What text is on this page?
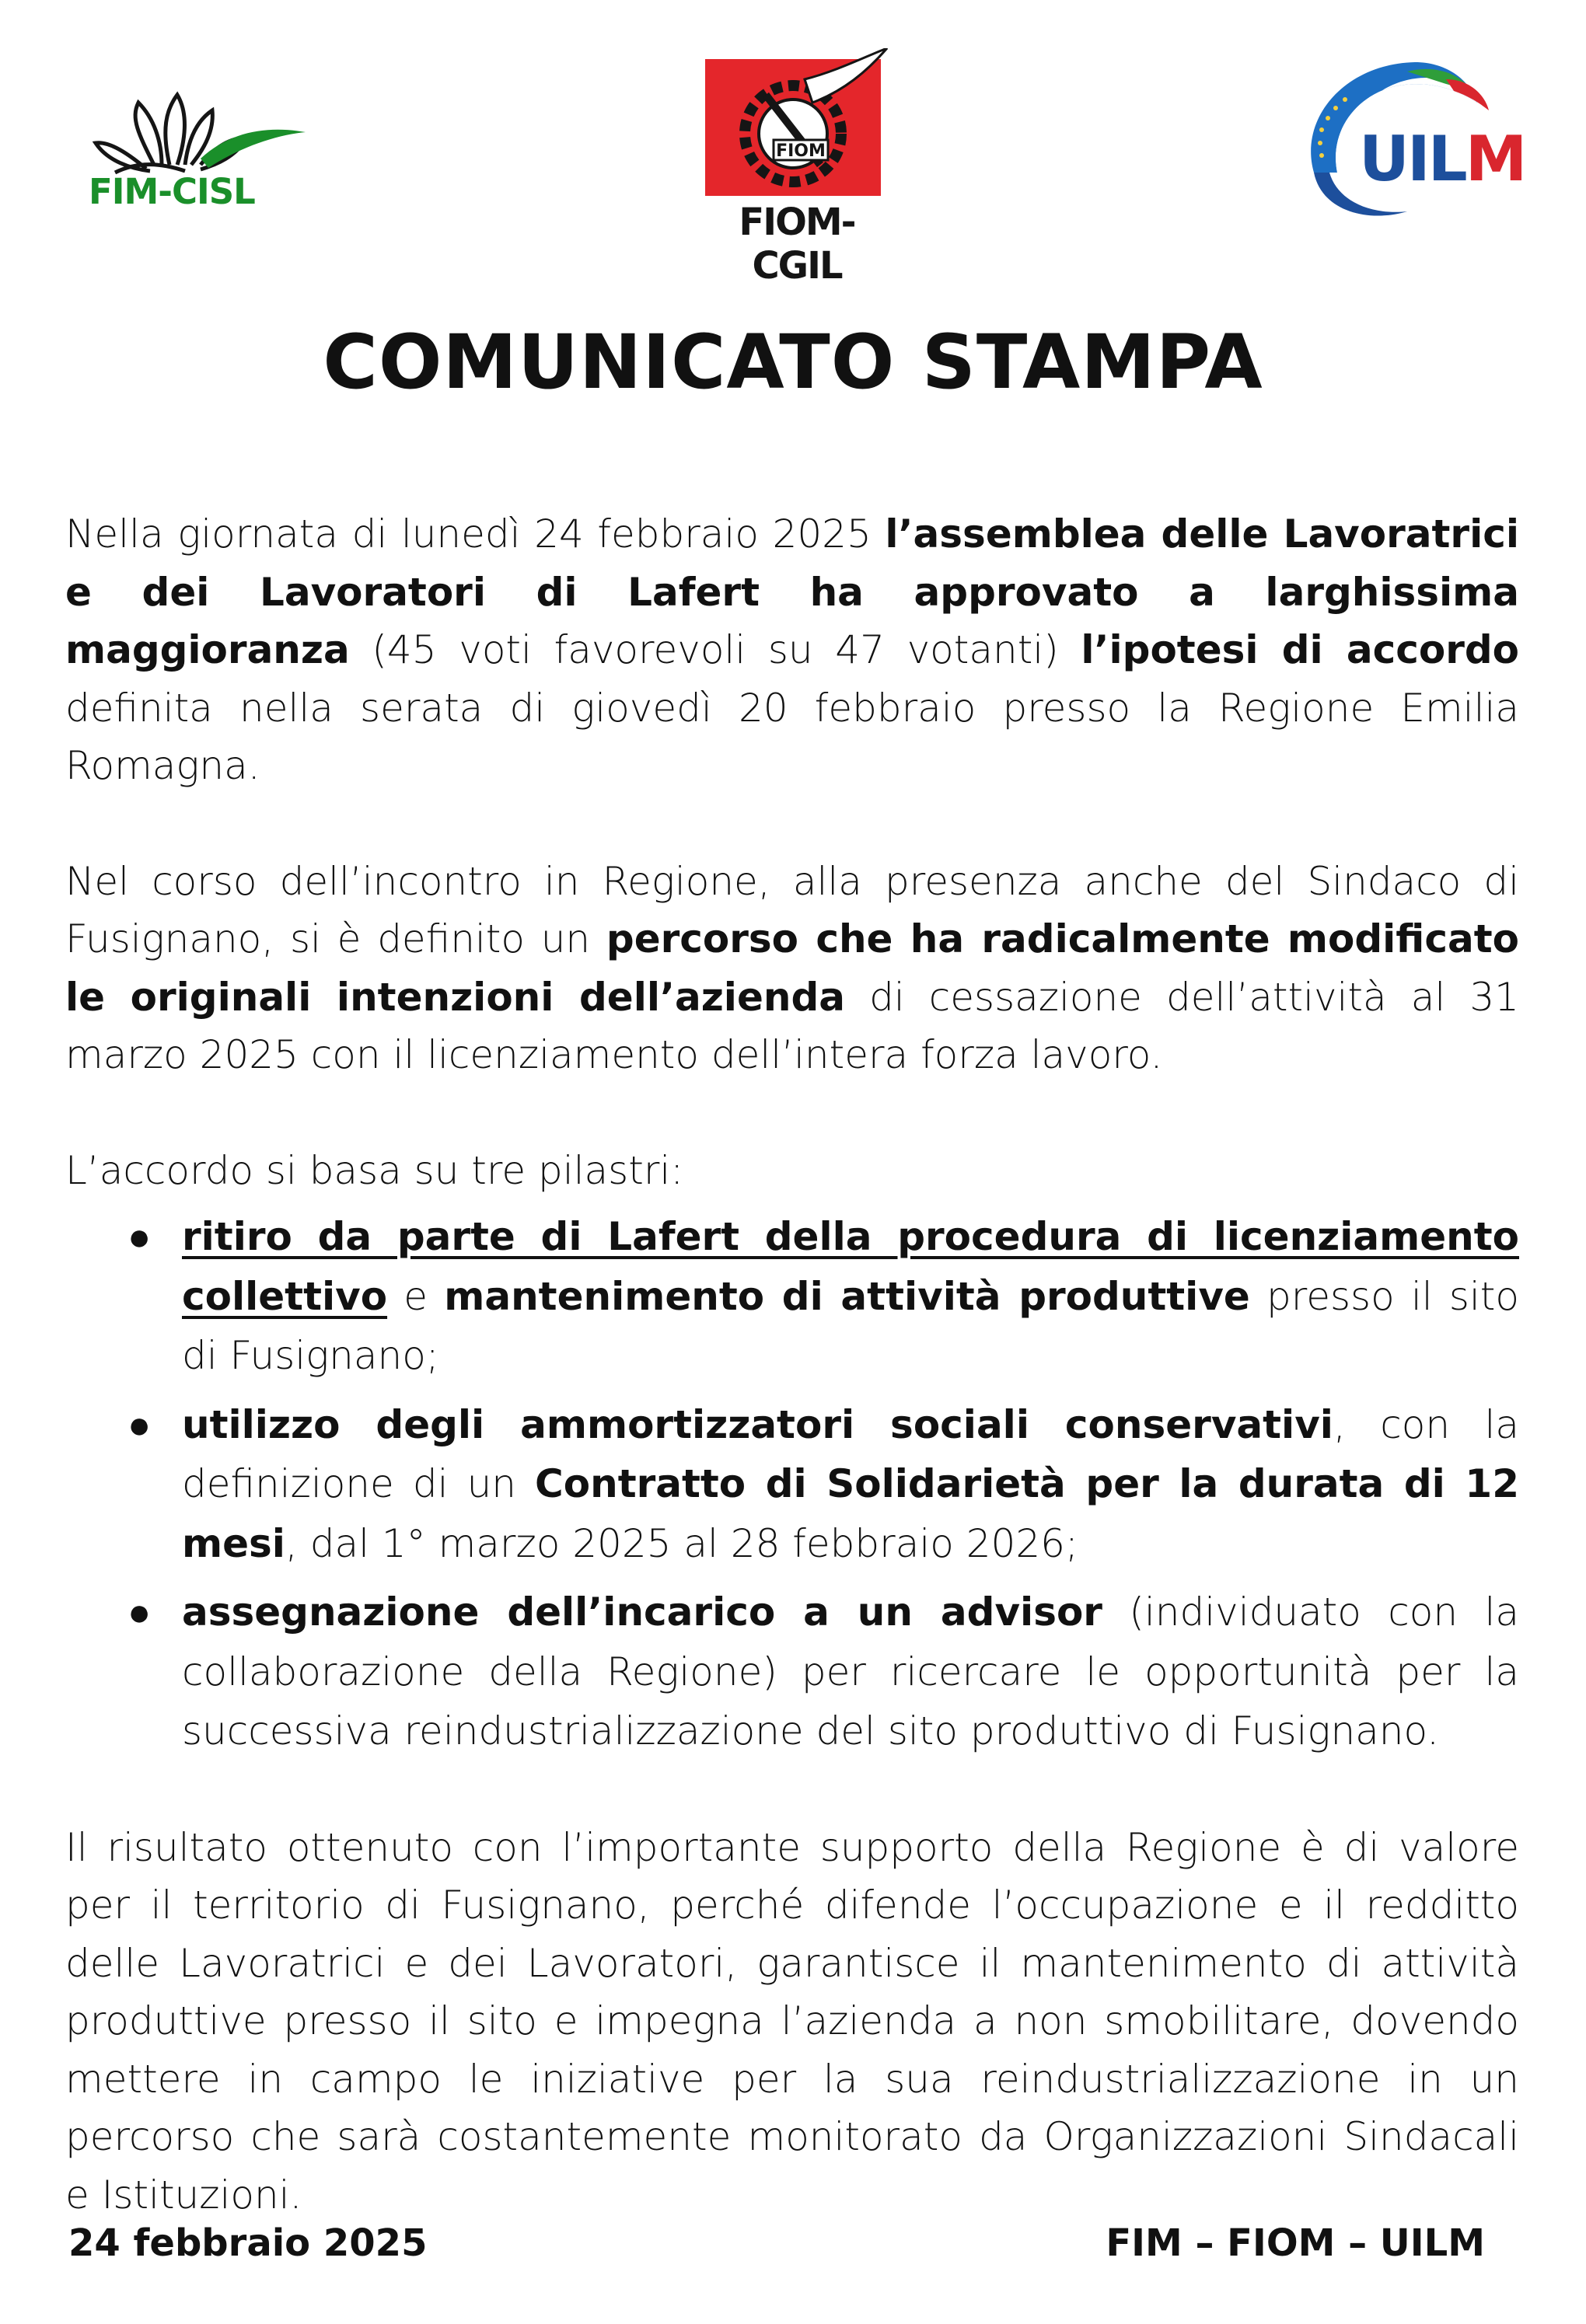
FIM-CISL
FIOM
FIOM-CGIL
UILM
COMUNICATO STAMPA

Nella giornata di lunedì 24 febbraio 2025 l’assemblea delle Lavoratrici e dei Lavoratori di Lafert ha approvato a larghissima maggioranza (45 voti favorevoli su 47 votanti) l’ipotesi di accordo definita nella serata di giovedì 20 febbraio presso la Regione Emilia Romagna.

Nel corso dell’incontro in Regione, alla presenza anche del Sindaco di Fusignano, si è definito un percorso che ha radicalmente modificato le originali intenzioni dell’azienda di cessazione dell’attività al 31 marzo 2025 con il licenziamento dell’intera forza lavoro.

L’accordo si basa su tre pilastri:

● ritiro da parte di Lafert della procedura di licenziamento collettivo e mantenimento di attività produttive presso il sito di Fusignano;
● utilizzo degli ammortizzatori sociali conservativi, con la definizione di un Contratto di Solidarietà per la durata di 12 mesi, dal 1° marzo 2025 al 28 febbraio 2026;
● assegnazione dell’incarico a un advisor (individuato con la collaborazione della Regione) per ricercare le opportunità per la successiva reindustrializzazione del sito produttivo di Fusignano.

Il risultato ottenuto con l’importante supporto della Regione è di valore per il territorio di Fusignano, perché difende l’occupazione e il redditto delle Lavoratrici e dei Lavoratori, garantisce il mantenimento di attività produttive presso il sito e impegna l’azienda a non smobilitare, dovendo mettere in campo le iniziative per la sua reindustrializzazione in un percorso che sarà costantemente monitorato da Organizzazioni Sindacali e Istituzioni.

24 febbraio 2025	FIM – FIOM – UILM
